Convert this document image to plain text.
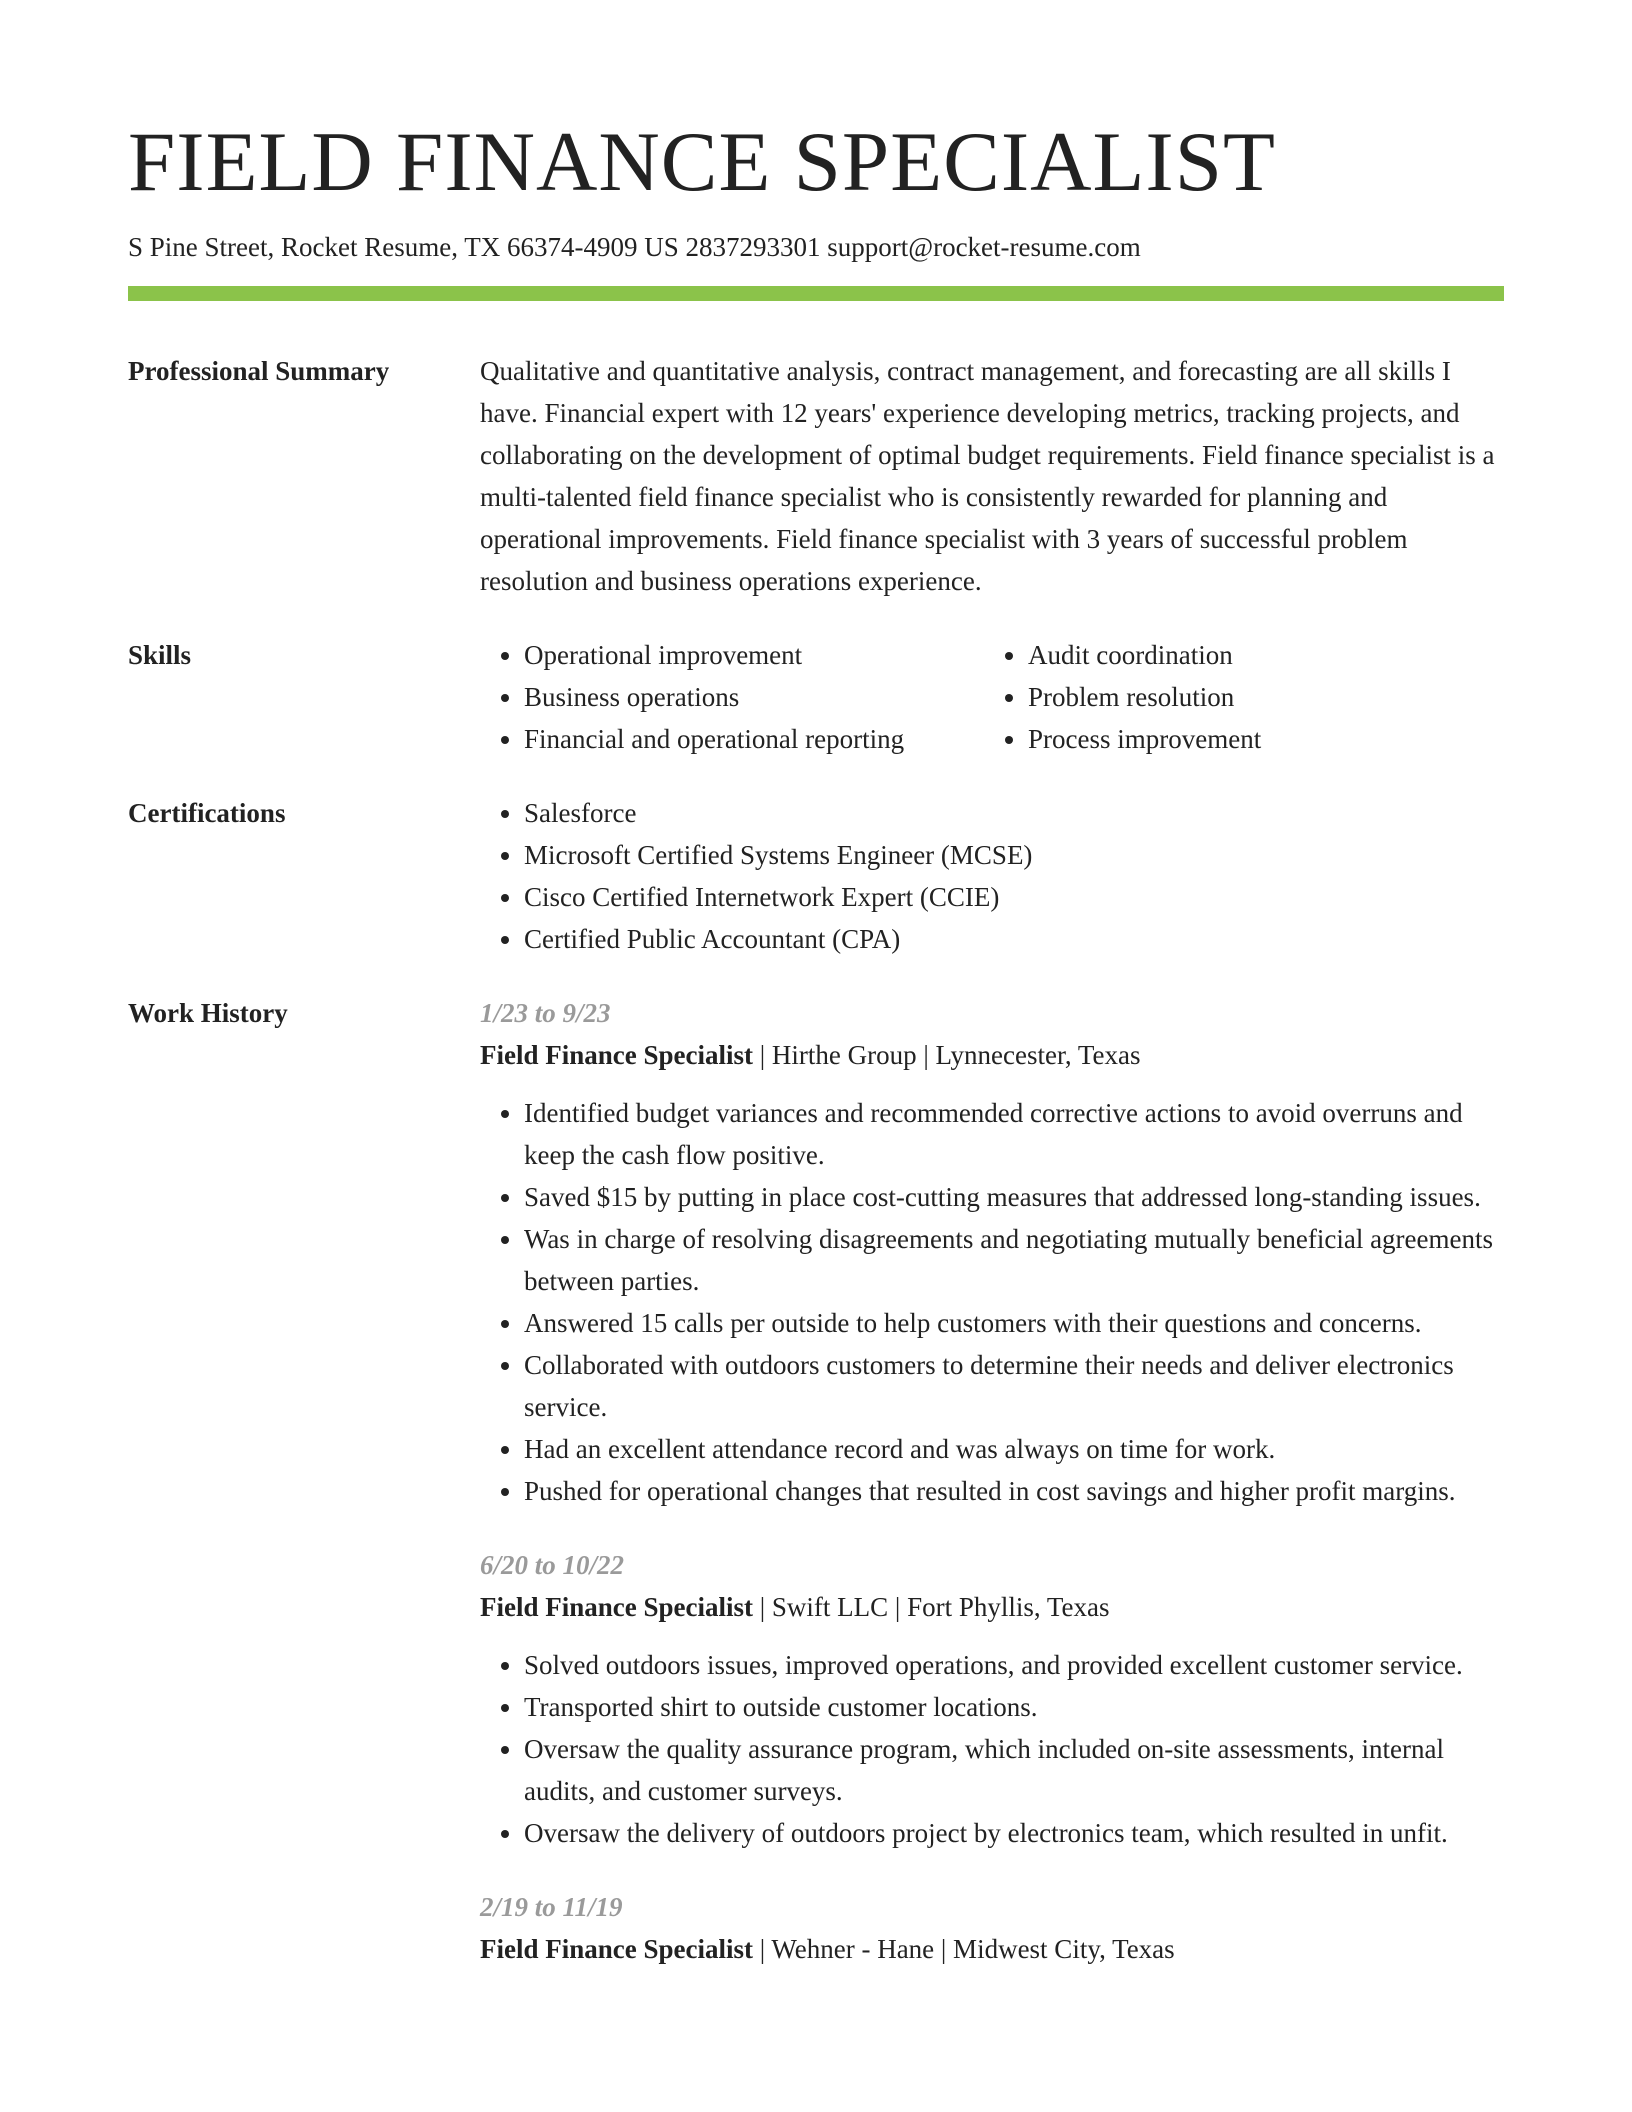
FIELD FINANCE SPECIALIST
S Pine Street, Rocket Resume, TX 66374-4909 US 2837293301 support@rocket-resume.com
Professional Summary	Qualitative and quantitative analysis, contract management, and forecasting are all skills I have. Financial expert with 12 years' experience developing metrics, tracking projects, and collaborating on the development of optimal budget requirements. Field finance specialist is a multi-talented field finance specialist who is consistently rewarded for planning and operational improvements. Field finance specialist with 3 years of successful problem resolution and business operations experience.

Skills	• Operational improvement
• Business operations
• Financial and operational reporting
• Audit coordination
• Problem resolution
• Process improvement
Certifications	• Salesforce
• Microsoft Certified Systems Engineer (MCSE)
• Cisco Certified Internetwork Expert (CCIE)
• Certified Public Accountant (CPA)
Work History	1/23 to 9/23
Field Finance Specialist | Hirthe Group | Lynnecester, Texas
• Identified budget variances and recommended corrective actions to avoid overruns and keep the cash flow positive.
• Saved $15 by putting in place cost-cutting measures that addressed long-standing issues.
• Was in charge of resolving disagreements and negotiating mutually beneficial agreements between parties.
• Answered 15 calls per outside to help customers with their questions and concerns.
• Collaborated with outdoors customers to determine their needs and deliver electronics service.
• Had an excellent attendance record and was always on time for work.
• Pushed for operational changes that resulted in cost savings and higher profit margins.
6/20 to 10/22
Field Finance Specialist | Swift LLC | Fort Phyllis, Texas
• Solved outdoors issues, improved operations, and provided excellent customer service.
• Transported shirt to outside customer locations.
• Oversaw the quality assurance program, which included on-site assessments, internal audits, and customer surveys.
• Oversaw the delivery of outdoors project by electronics team, which resulted in unfit.
2/19 to 11/19
Field Finance Specialist | Wehner - Hane | Midwest City, Texas
